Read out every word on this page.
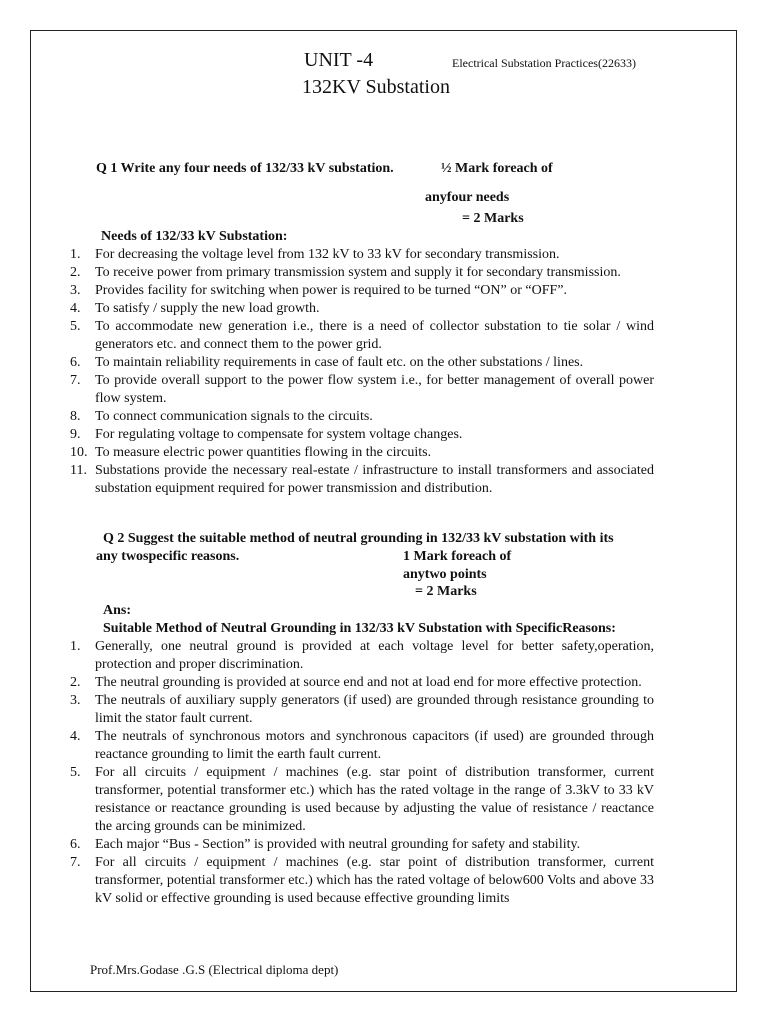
UNIT -4	Electrical Substation Practices(22633)
132KV Substation
Q 1 Write any four needs of 132/33 kV substation.	½ Mark foreach of
anyfour needs
= 2 Marks
Needs of 132/33 kV Substation:
1. For decreasing the voltage level from 132 kV to 33 kV for secondary transmission.
2. To receive power from primary transmission system and supply it for secondary transmission.
3. Provides facility for switching when power is required to be turned “ON” or “OFF”.
4. To satisfy / supply the new load growth.
5. To accommodate new generation i.e., there is a need of collector substation to tie solar / wind generators etc. and connect them to the power grid.
6. To maintain reliability requirements in case of fault etc. on the other substations / lines.
7. To provide overall support to the power flow system i.e., for better management of overall power flow system.
8. To connect communication signals to the circuits.
9. For regulating voltage to compensate for system voltage changes.
10. To measure electric power quantities flowing in the circuits.
11. Substations provide the necessary real-estate / infrastructure to install transformers and associated substation equipment required for power transmission and distribution.
Q 2 Suggest the suitable method of neutral grounding in 132/33 kV substation with its
any twospecific reasons.	1 Mark foreach of
anytwo points
= 2 Marks
Ans:
Suitable Method of Neutral Grounding in 132/33 kV Substation with SpecificReasons:
1. Generally, one neutral ground is provided at each voltage level for better safety,operation, protection and proper discrimination.
2. The neutral grounding is provided at source end and not at load end for more effective protection.
3. The neutrals of auxiliary supply generators (if used) are grounded through resistance grounding to limit the stator fault current.
4. The neutrals of synchronous motors and synchronous capacitors (if used) are grounded through reactance grounding to limit the earth fault current.
5. For all circuits / equipment / machines (e.g. star point of distribution transformer, current transformer, potential transformer etc.) which has the rated voltage in the range of 3.3kV to 33 kV resistance or reactance grounding is used because by adjusting the value of resistance / reactance the arcing grounds can be minimized.
6. Each major “Bus - Section” is provided with neutral grounding for safety and stability.
7. For all circuits / equipment / machines (e.g. star point of distribution transformer, current transformer, potential transformer etc.) which has the rated voltage of below600 Volts and above 33 kV solid or effective grounding is used because effective grounding limits
Prof.Mrs.Godase .G.S (Electrical diploma dept)
